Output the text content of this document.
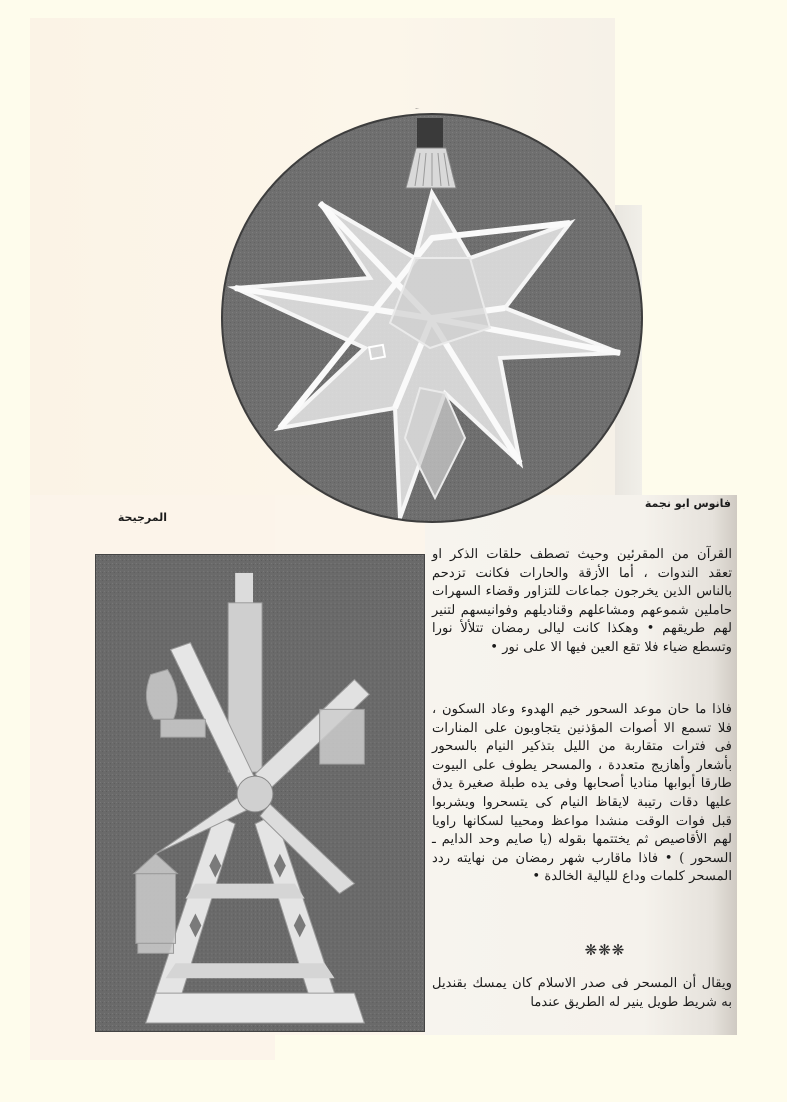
فانوس ابو نجمة
المرجيحة

القرآن من المقرئين وحيث تصطف حلقات الذكر او تعقد الندوات ، أما الأزقة والحارات فكانت تزدحم بالناس الذين يخرجون جماعات للتزاور وقضاء السهرات حاملين شموعهم ومشاعلهم وقناديلهم وفوانيسهم لتنير لهم طريقهم • وهكذا كانت ليالى رمضان تتلألأ نورا وتسطع ضياء فلا تقع العين فيها الا على نور •

فاذا ما حان موعد السحور خيم الهدوء وعاد السكون ، فلا تسمع الا أصوات المؤذنين يتجاوبون على المنارات فى فترات متقاربة من الليل بتذكير النيام بالسحور بأشعار وأهازيج متعددة ، والمسحر يطوف على البيوت طارقا أبوابها مناديا أصحابها وفى يده طبلة صغيرة يدق عليها دقات رتيبة لايقاظ النيام كى يتسحروا ويشربوا قبل فوات الوقت منشدا مواعظ ومحييا لسكانها راويا لهم الأقاصيص ثم يختتمها بقوله (يا صايم وحد الدايم ـ السحور ) • فاذا ماقارب شهر رمضان من نهايته ردد المسحر كلمات وداع لليالية الخالدة •

❋❋❋

ويقال أن المسحر فى صدر الاسلام كان يمسك بقنديل به شريط طويل ينير له الطريق عندما
